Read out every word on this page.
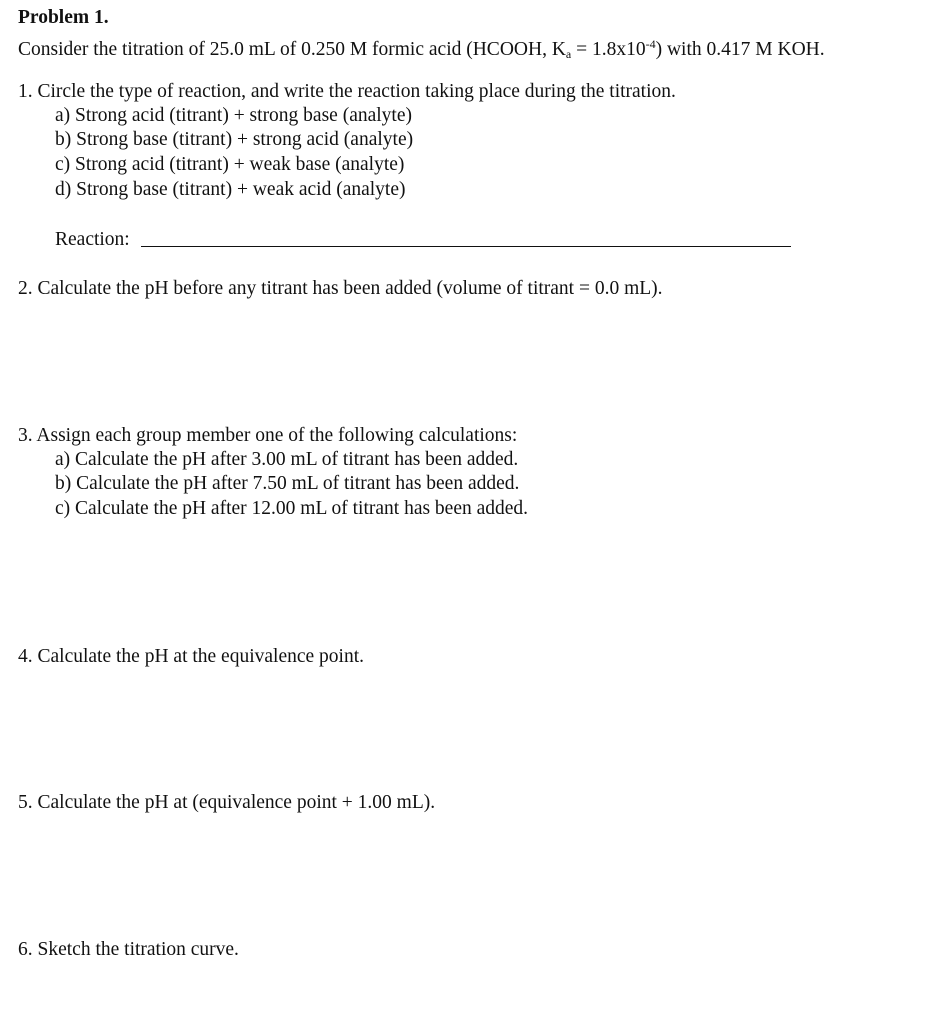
Problem 1.
Consider the titration of 25.0 mL of 0.250 M formic acid (HCOOH, $K_a = 1.8x10^{-4}$) with 0.417 M KOH.
1. Circle the type of reaction, and write the reaction taking place during the titration.
a) Strong acid (titrant) + strong base (analyte)
b) Strong base (titrant) + strong acid (analyte)
c) Strong acid (titrant) + weak base (analyte)
d) Strong base (titrant) + weak acid (analyte)
Reaction:
2. Calculate the pH before any titrant has been added (volume of titrant = 0.0 mL).
3. Assign each group member one of the following calculations:
a) Calculate the pH after 3.00 mL of titrant has been added.
b) Calculate the pH after 7.50 mL of titrant has been added.
c) Calculate the pH after 12.00 mL of titrant has been added.
4. Calculate the pH at the equivalence point.
5. Calculate the pH at (equivalence point + 1.00 mL).
6. Sketch the titration curve.
